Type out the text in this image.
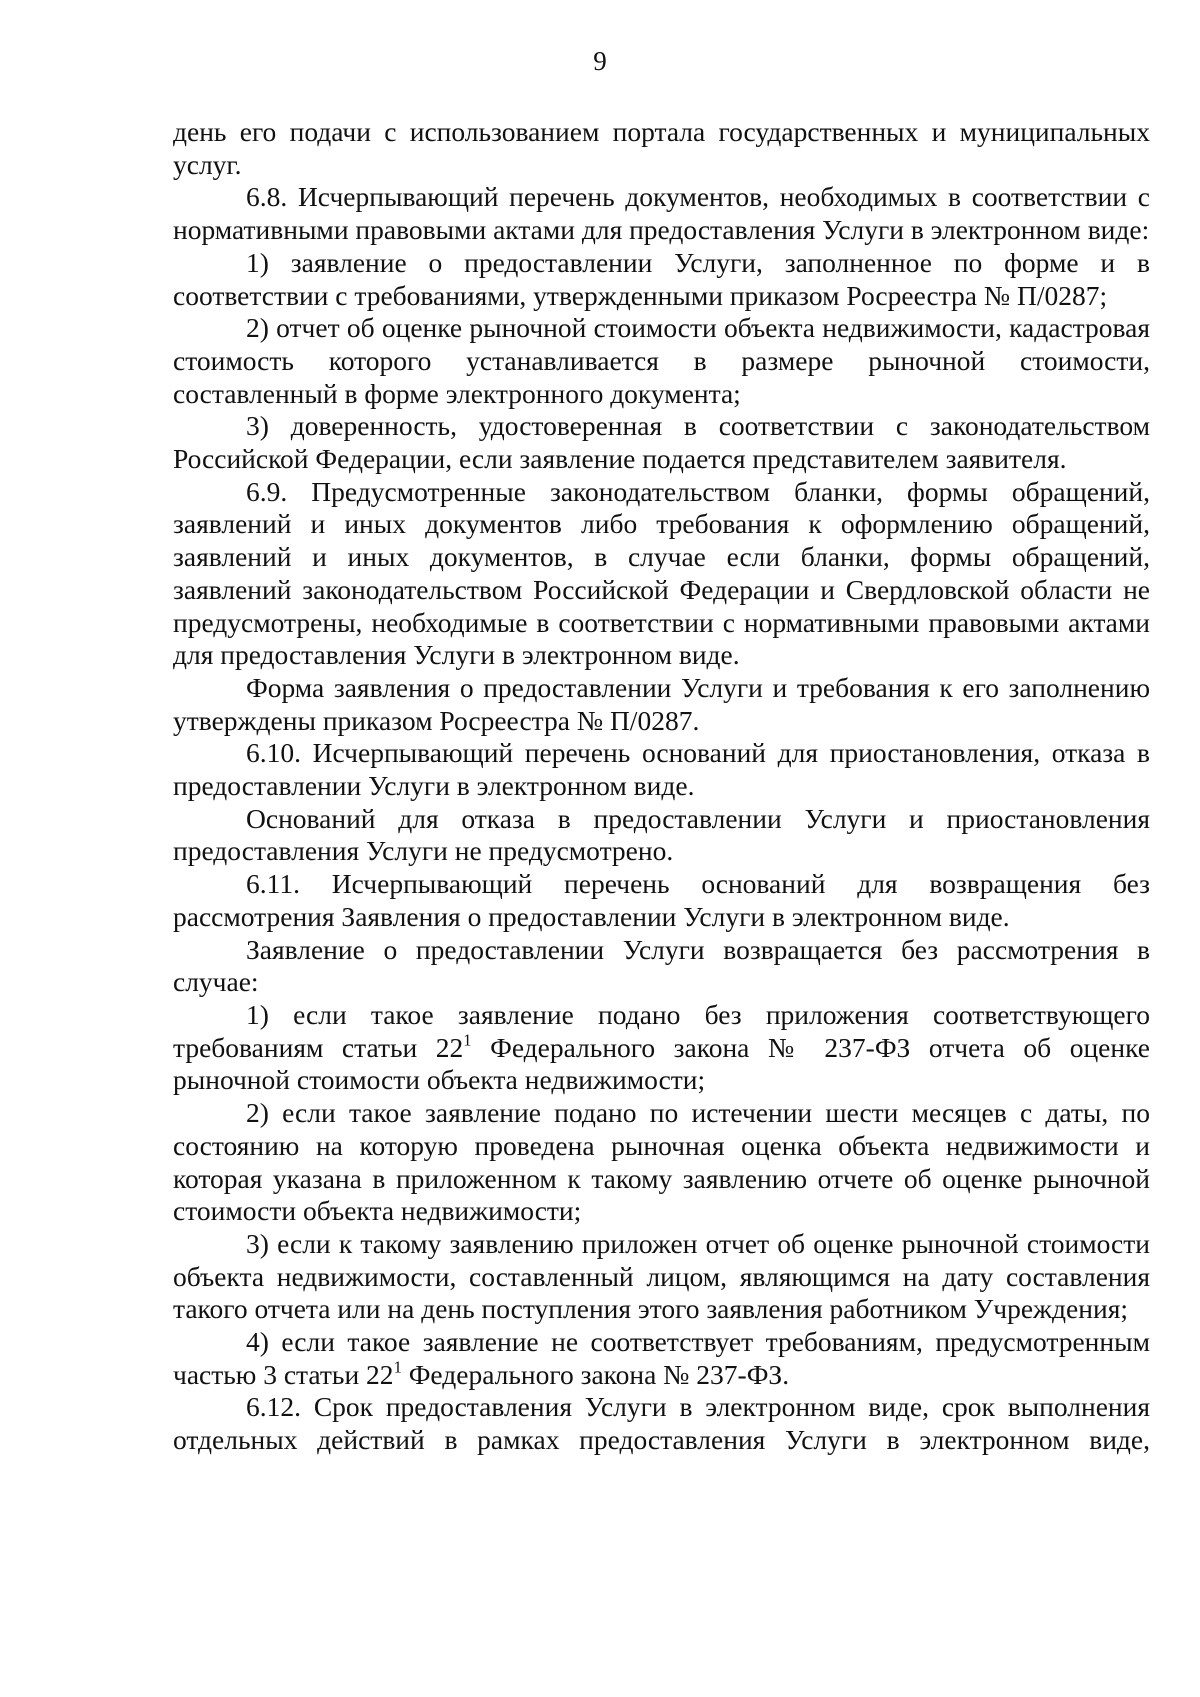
9

день его подачи с использованием портала государственных и муниципальных услуг.

6.8. Исчерпывающий перечень документов, необходимых в соответствии с нормативными правовыми актами для предоставления Услуги в электронном виде:

1) заявление о предоставлении Услуги, заполненное по форме и в соответствии с требованиями, утвержденными приказом Росреестра № П/0287;

2) отчет об оценке рыночной стоимости объекта недвижимости, кадастровая стоимость которого устанавливается в размере рыночной стоимости, составленный в форме электронного документа;

3) доверенность, удостоверенная в соответствии с законодательством Российской Федерации, если заявление подается представителем заявителя.

6.9. Предусмотренные законодательством бланки, формы обращений, заявлений и иных документов либо требования к оформлению обращений, заявлений и иных документов, в случае если бланки, формы обращений, заявлений законодательством Российской Федерации и Свердловской области не предусмотрены, необходимые в соответствии с нормативными правовыми актами для предоставления Услуги в электронном виде.

Форма заявления о предоставлении Услуги и требования к его заполнению утверждены приказом Росреестра № П/0287.

6.10. Исчерпывающий перечень оснований для приостановления, отказа в предоставлении Услуги в электронном виде.

Оснований для отказа в предоставлении Услуги и приостановления предоставления Услуги не предусмотрено.

6.11. Исчерпывающий перечень оснований для возвращения без рассмотрения Заявления о предоставлении Услуги в электронном виде.

Заявление о предоставлении Услуги возвращается без рассмотрения в случае:

1) если такое заявление подано без приложения соответствующего требованиям статьи $22^1$ Федерального закона № 237-ФЗ отчета об оценке рыночной стоимости объекта недвижимости;

2) если такое заявление подано по истечении шести месяцев с даты, по состоянию на которую проведена рыночная оценка объекта недвижимости и которая указана в приложенном к такому заявлению отчете об оценке рыночной стоимости объекта недвижимости;

3) если к такому заявлению приложен отчет об оценке рыночной стоимости объекта недвижимости, составленный лицом, являющимся на дату составления такого отчета или на день поступления этого заявления работником Учреждения;

4) если такое заявление не соответствует требованиям, предусмотренным частью 3 статьи $22^1$ Федерального закона № 237-ФЗ.

6.12. Срок предоставления Услуги в электронном виде, срок выполнения отдельных действий в рамках предоставления Услуги в электронном виде,
